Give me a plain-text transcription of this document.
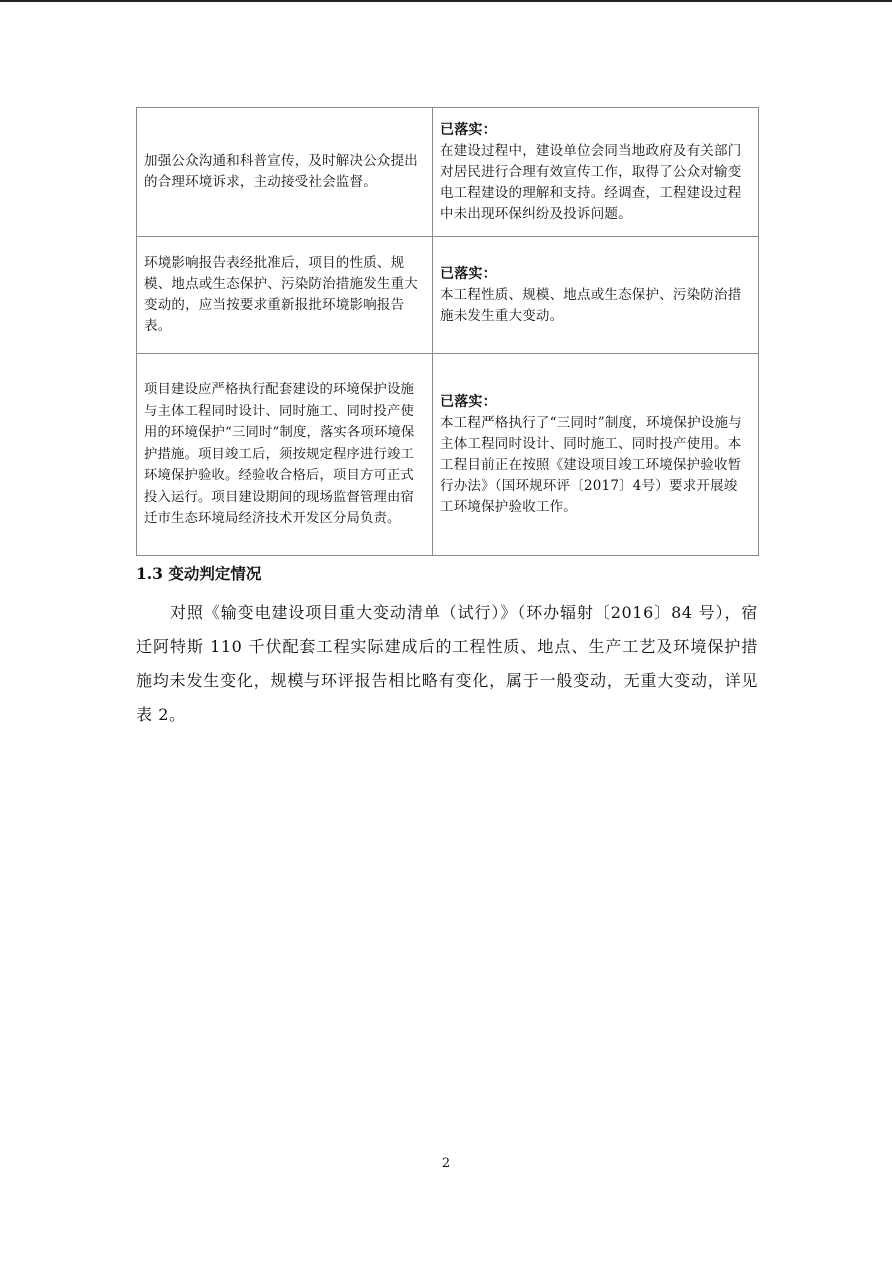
加强公众沟通和科普宣传，及时解决公众提出的合理环境诉求，主动接受社会监督。	已落实：
在建设过程中，建设单位会同当地政府及有关部门对居民进行合理有效宣传工作，取得了公众对输变电工程建设的理解和支持。经调查，工程建设过程中未出现环保纠纷及投诉问题。
环境影响报告表经批准后，项目的性质、规模、地点或生态保护、污染防治措施发生重大变动的，应当按要求重新报批环境影响报告表。	已落实：
本工程性质、规模、地点或生态保护、污染防治措施未发生重大变动。
项目建设应严格执行配套建设的环境保护设施与主体工程同时设计、同时施工、同时投产使用的环境保护“三同时”制度，落实各项环境保护措施。项目竣工后，须按规定程序进行竣工环境保护验收。经验收合格后，项目方可正式投入运行。项目建设期间的现场监督管理由宿迁市生态环境局经济技术开发区分局负责。	已落实：
本工程严格执行了“三同时”制度，环境保护设施与主体工程同时设计、同时施工、同时投产使用。本工程目前正在按照《建设项目竣工环境保护验收暂行办法》（国环规环评〔2017〕4号）要求开展竣工环境保护验收工作。
1.3 变动判定情况

对照《输变电建设项目重大变动清单（试行）》（环办辐射〔2016〕84 号），宿迁阿特斯 110 千伏配套工程实际建成后的工程性质、地点、生产工艺及环境保护措施均未发生变化，规模与环评报告相比略有变化，属于一般变动，无重大变动，详见表 2。

2
